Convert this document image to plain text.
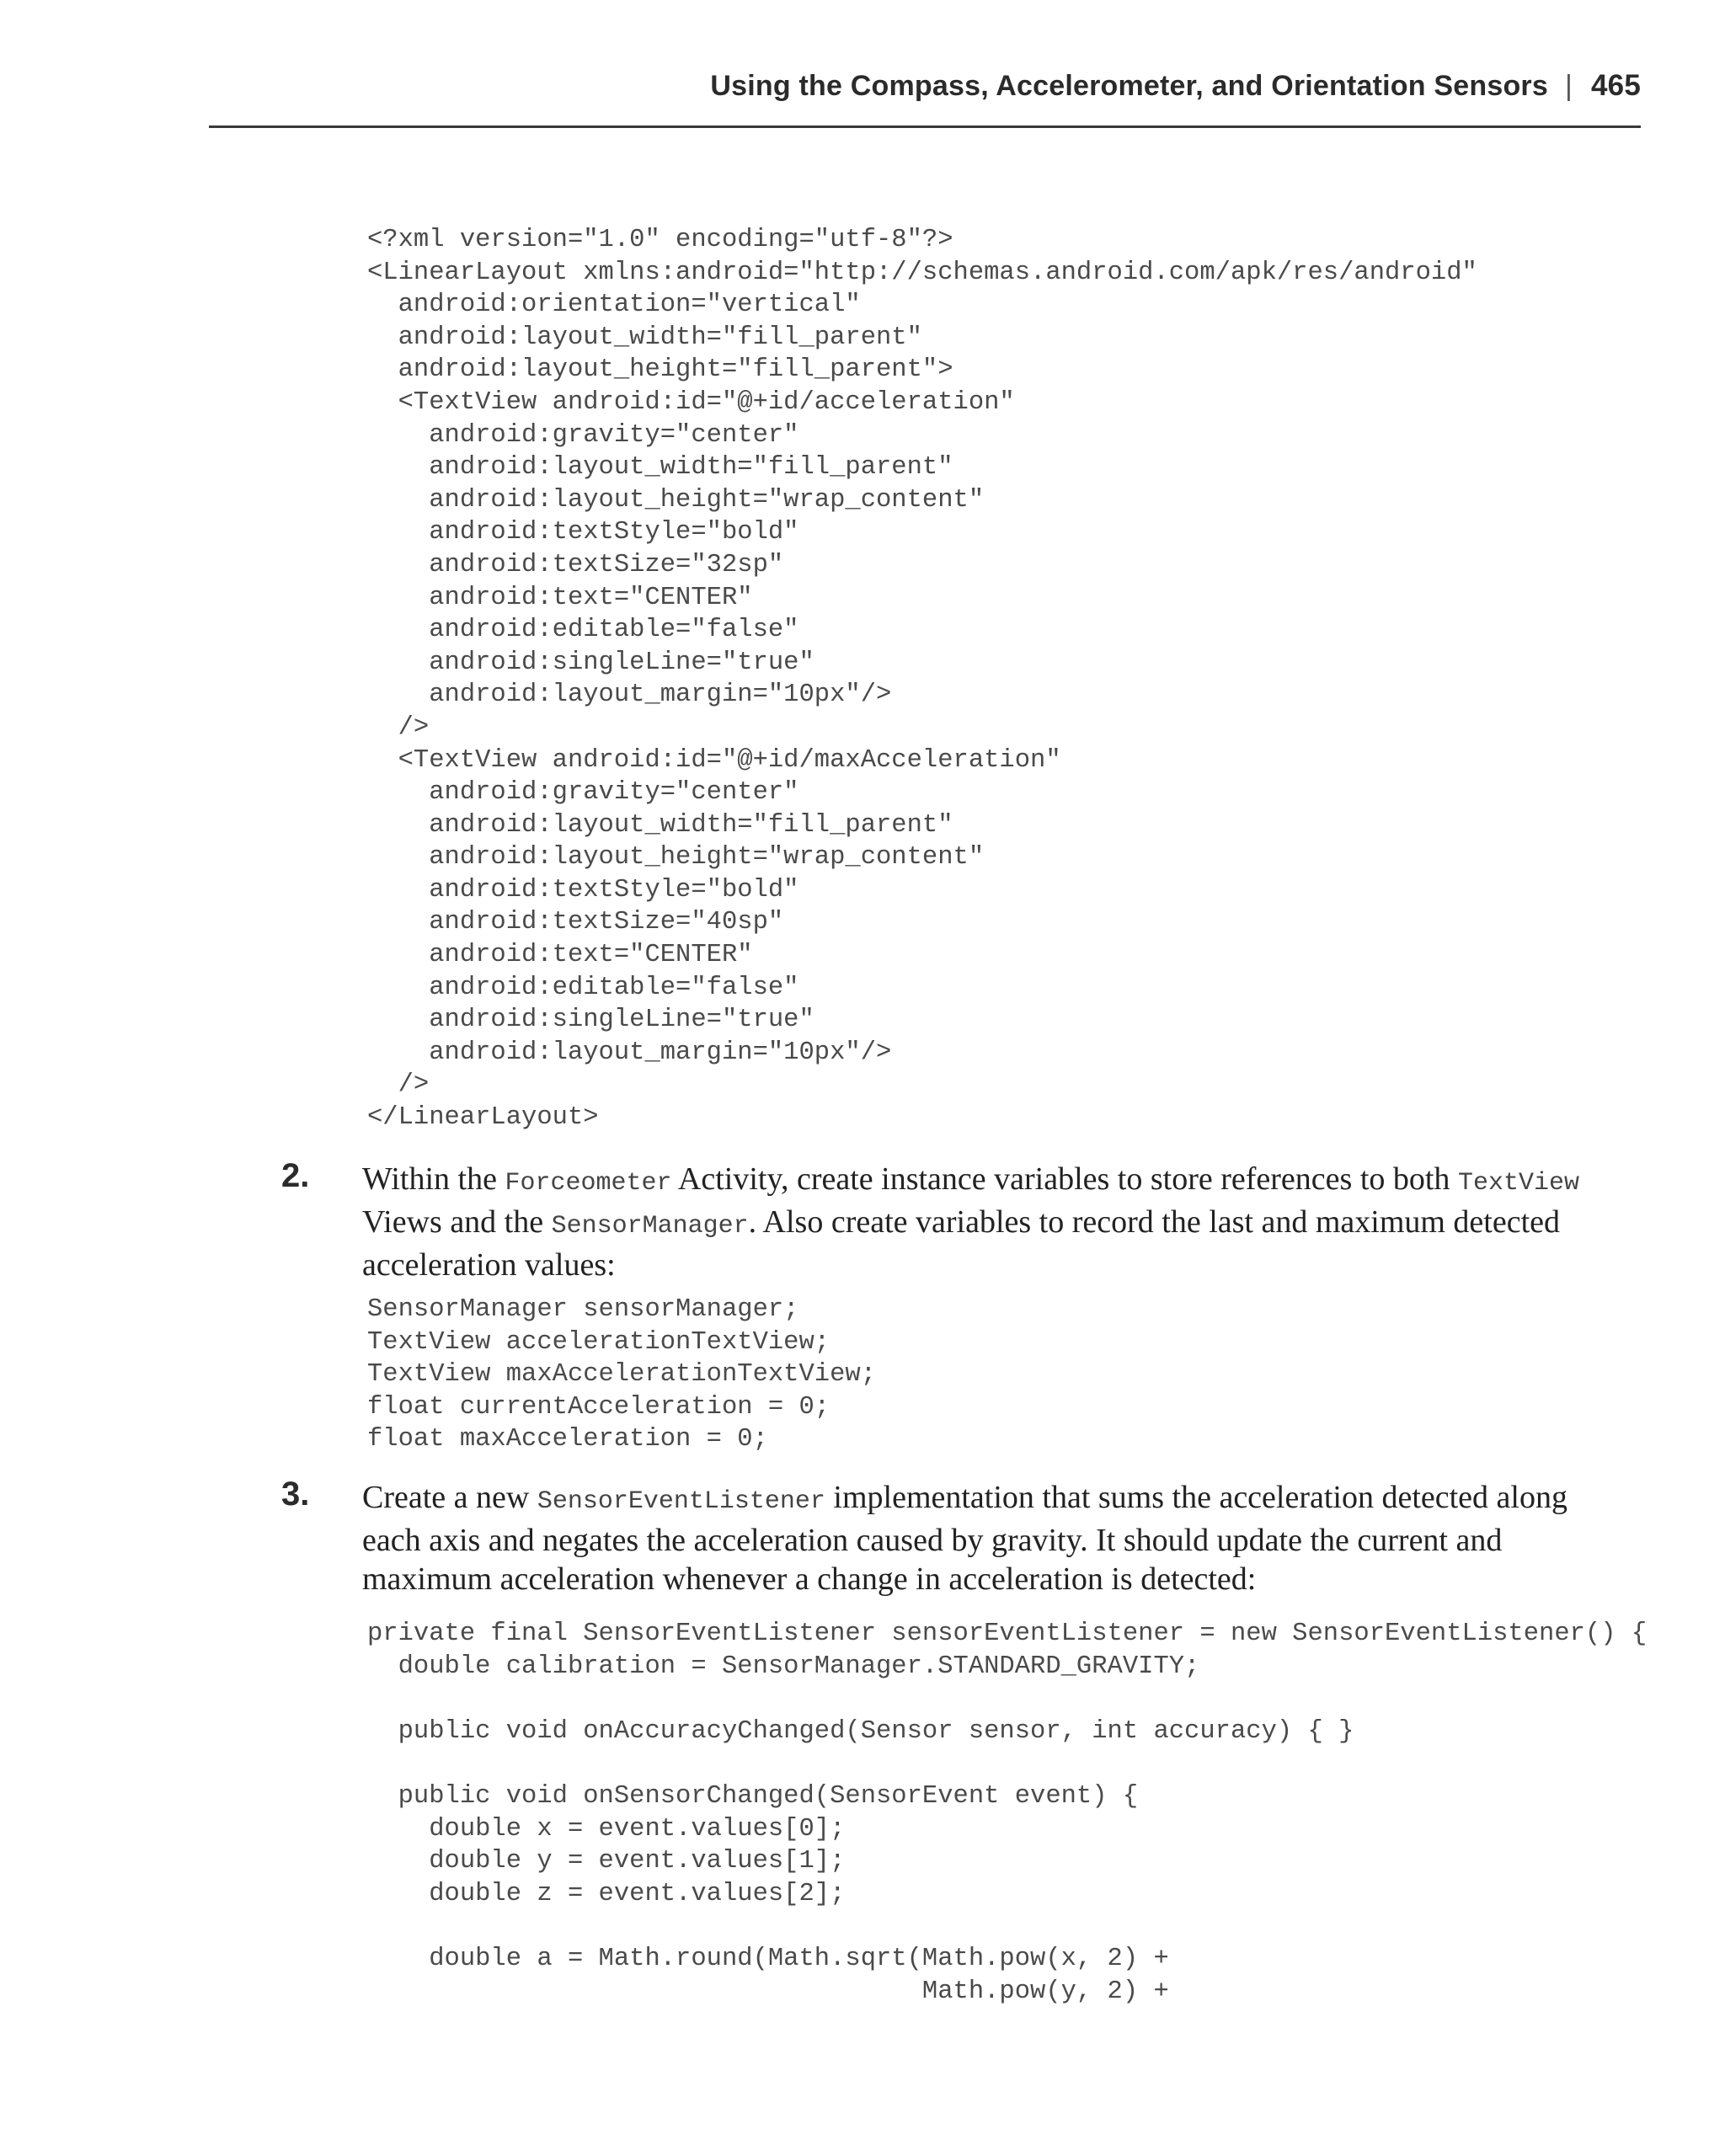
Using the Compass, Accelerometer, and Orientation Sensors | 465
<?xml version="1.0" encoding="utf-8"?>
<LinearLayout xmlns:android="http://schemas.android.com/apk/res/android"
android:orientation="vertical"
android:layout_width="fill_parent"
android:layout_height="fill_parent">
<TextView android:id="@+id/acceleration"
android:gravity="center"
android:layout_width="fill_parent"
android:layout_height="wrap_content"
android:textStyle="bold"
android:textSize="32sp"
android:text="CENTER"
android:editable="false"
android:singleLine="true"
android:layout_margin="10px"/>
/>
<TextView android:id="@+id/maxAcceleration"
android:gravity="center"
android:layout_width="fill_parent"
android:layout_height="wrap_content"
android:textStyle="bold"
android:textSize="40sp"
android:text="CENTER"
android:editable="false"
android:singleLine="true"
android:layout_margin="10px"/>
/>
</LinearLayout>
2. Within the Forceometer Activity, create instance variables to store references to both TextView Views and the SensorManager. Also create variables to record the last and maximum detected acceleration values:
SensorManager sensorManager;
TextView accelerationTextView;
TextView maxAccelerationTextView;
float currentAcceleration = 0;
float maxAcceleration = 0;
3. Create a new SensorEventListener implementation that sums the acceleration detected along each axis and negates the acceleration caused by gravity. It should update the current and maximum acceleration whenever a change in acceleration is detected:
private final SensorEventListener sensorEventListener = new SensorEventListener() {
double calibration = SensorManager.STANDARD_GRAVITY;

public void onAccuracyChanged(Sensor sensor, int accuracy) { }

public void onSensorChanged(SensorEvent event) {
double x = event.values[0];
double y = event.values[1];
double z = event.values[2];

double a = Math.round(Math.sqrt(Math.pow(x, 2) +
Math.pow(y, 2) +
